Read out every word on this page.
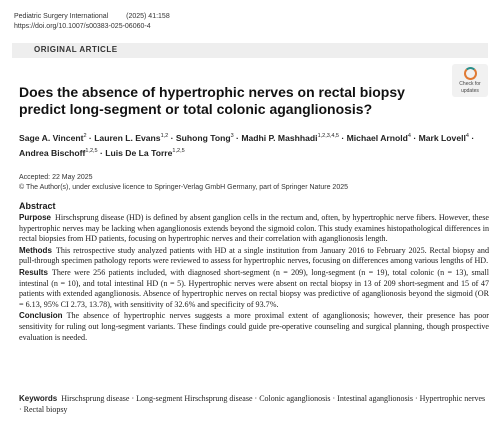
Pediatric Surgery International	(2025) 41:158
https://doi.org/10.1007/s00383-025-06060-4
ORIGINAL ARTICLE
Check for
updates
Does the absence of hypertrophic nerves on rectal biopsy predict long-segment or total colonic aganglionosis?
Sage A. Vincent$^2$ · Lauren L. Evans$^{1,2}$ · Suhong Tong$^3$ · Madhi P. Mashhadi$^{1,2,3,4,5}$ · Michael Arnold$^4$ · Mark Lovell$^4$ · Andrea Bischoff$^{1,2,5}$ · Luis De La Torre$^{1,2,5}$
Accepted: 22 May 2025
© The Author(s), under exclusive licence to Springer-Verlag GmbH Germany, part of Springer Nature 2025
Abstract

Purpose Hirschsprung disease (HD) is defined by absent ganglion cells in the rectum and, often, by hypertrophic nerve fibers. However, these hypertrophic nerves may be lacking when aganglionosis extends beyond the sigmoid colon. This study examines histopathological differences in rectal biopsies from HD patients, focusing on hypertrophic nerves and their correlation with aganglionosis length.

Methods This retrospective study analyzed patients with HD at a single institution from January 2016 to February 2025. Rectal biopsy and pull-through specimen pathology reports were reviewed to assess for hypertrophic nerves, focusing on differences among various lengths of HD.

Results There were 256 patients included, with diagnosed short-segment (n = 209), long-segment (n = 19), total colonic (n = 13), small intestinal (n = 10), and total intestinal HD (n = 5). Hypertrophic nerves were absent on rectal biopsy in 13 of 209 short-segment and 15 of 47 patients with extended aganglionosis. Absence of hypertrophic nerves on rectal biopsy was predictive of aganglionosis beyond the sigmoid (OR = 6.13, 95% CI 2.73, 13.78), with sensitivity of 32.6% and specificity of 93.7%.

Conclusion The absence of hypertrophic nerves suggests a more proximal extent of aganglionosis; however, their presence has poor sensitivity for ruling out long-segment variants. These findings could guide pre-operative counseling and surgical planning, though prospective evaluation is needed.

Keywords Hirschsprung disease · Long-segment Hirschsprung disease · Colonic aganglionosis · Intestinal aganglionosis · Hypertrophic nerves · Rectal biopsy
